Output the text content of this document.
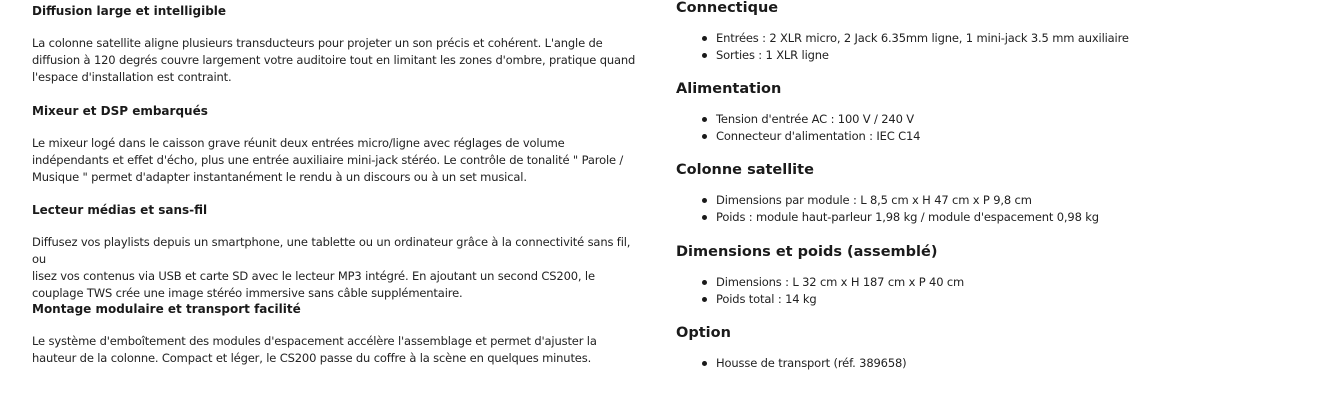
Diffusion large et intelligible

La colonne satellite aligne plusieurs transducteurs pour projeter un son précis et cohérent. L'angle de
diffusion à 120 degrés couvre largement votre auditoire tout en limitant les zones d'ombre, pratique quand
l'espace d'installation est contraint.

Mixeur et DSP embarqués

Le mixeur logé dans le caisson grave réunit deux entrées micro/ligne avec réglages de volume
indépendants et effet d'écho, plus une entrée auxiliaire mini-jack stéréo. Le contrôle de tonalité " Parole /
Musique " permet d'adapter instantanément le rendu à un discours ou à un set musical.

Lecteur médias et sans-fil

Diffusez vos playlists depuis un smartphone, une tablette ou un ordinateur grâce à la connectivité sans fil, ou
lisez vos contenus via USB et carte SD avec le lecteur MP3 intégré. En ajoutant un second CS200, le
couplage TWS crée une image stéréo immersive sans câble supplémentaire.

Montage modulaire et transport facilité

Le système d'emboîtement des modules d'espacement accélère l'assemblage et permet d'ajuster la
hauteur de la colonne. Compact et léger, le CS200 passe du coffre à la scène en quelques minutes.

Connectique
Entrées : 2 XLR micro, 2 Jack 6.35mm ligne, 1 mini-jack 3.5 mm auxiliaire
Sorties : 1 XLR ligne
Alimentation
Tension d'entrée AC : 100 V / 240 V
Connecteur d'alimentation : IEC C14
Colonne satellite
Dimensions par module : L 8,5 cm x H 47 cm x P 9,8 cm
Poids : module haut-parleur 1,98 kg / module d'espacement 0,98 kg
Dimensions et poids (assemblé)
Dimensions : L 32 cm x H 187 cm x P 40 cm
Poids total : 14 kg
Option
Housse de transport (réf. 389658)
